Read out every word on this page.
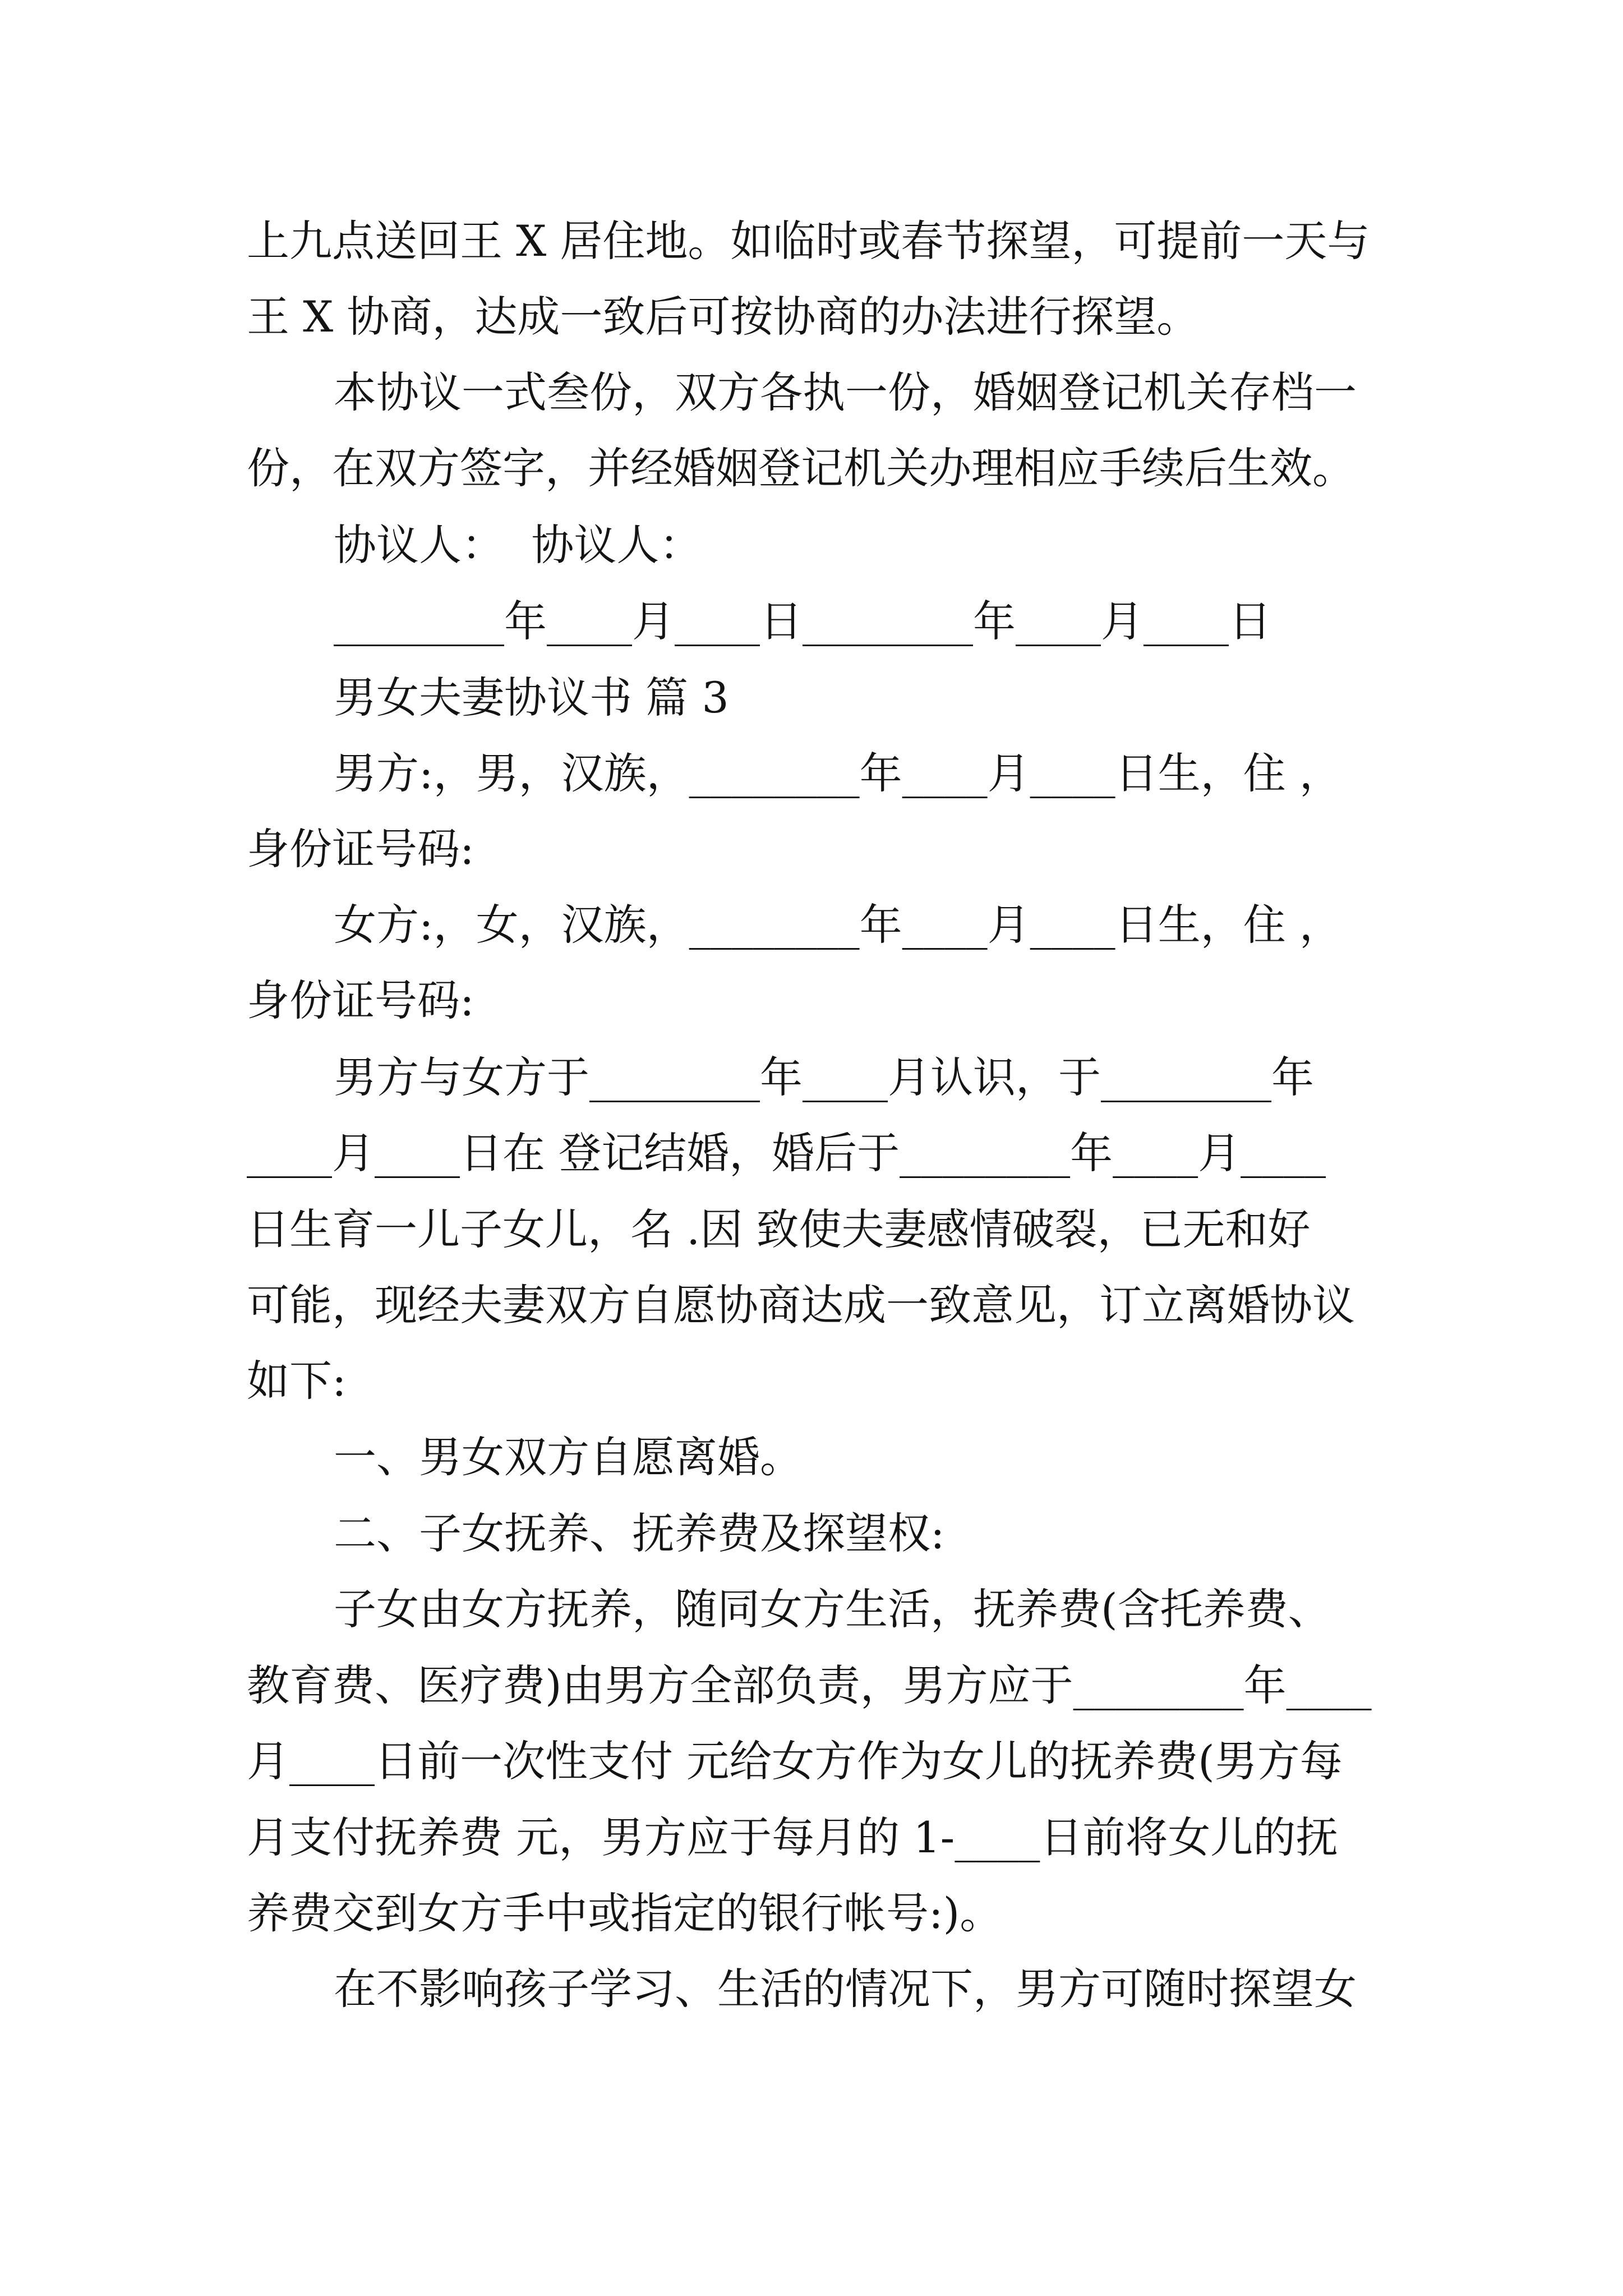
上九点送回王 X 居住地。如临时或春节探望，可提前一天与
王 X 协商，达成一致后可按协商的办法进行探望。
本协议一式叁份，双方各执一份，婚姻登记机关存档一
份，在双方签字，并经婚姻登记机关办理相应手续后生效。
协议人：  协议人：
________年____月____日________年____月____日
男女夫妻协议书 篇 3
男方:，男，汉族，________年____月____日生，住 ，
身份证号码:
女方:，女，汉族，________年____月____日生，住 ，
身份证号码:
男方与女方于________年____月认识，于________年
____月____日在 登记结婚，婚后于________年____月____
日生育一儿子女儿，名 .因 致使夫妻感情破裂，已无和好
可能，现经夫妻双方自愿协商达成一致意见，订立离婚协议
如下:
一、男女双方自愿离婚。
二、子女抚养、抚养费及探望权:
子女由女方抚养，随同女方生活，抚养费(含托养费、
教育费、医疗费)由男方全部负责，男方应于________年____
月____日前一次性支付 元给女方作为女儿的抚养费(男方每
月支付抚养费 元，男方应于每月的 1-____日前将女儿的抚
养费交到女方手中或指定的银行帐号:)。
在不影响孩子学习、生活的情况下，男方可随时探望女
